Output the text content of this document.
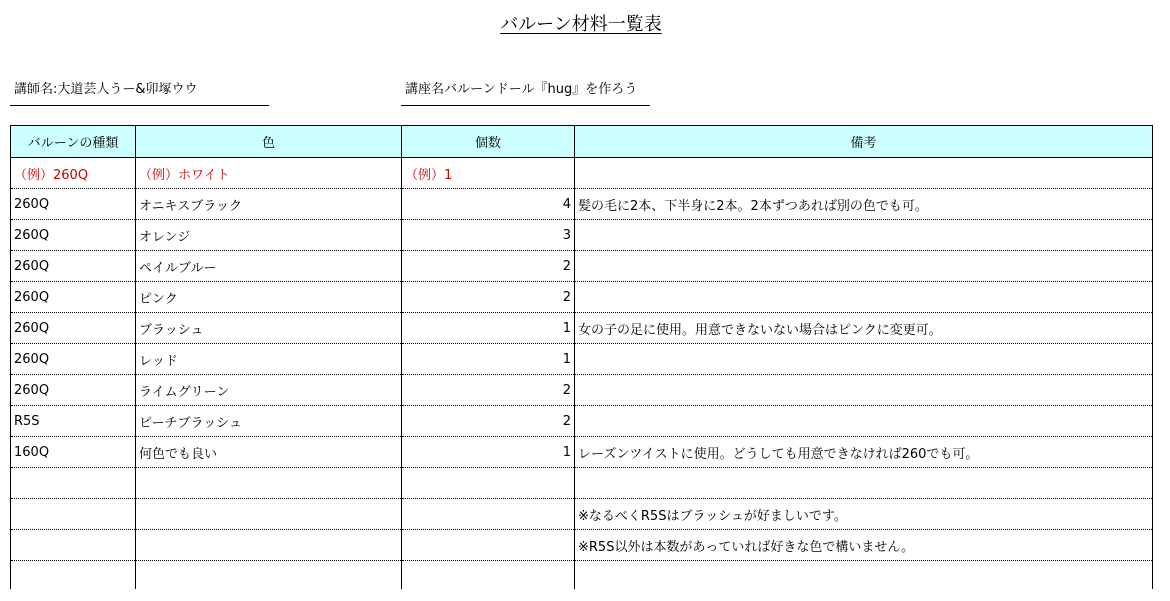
バルーン材料一覧表
講師名:大道芸人うー&卯塚ウウ	講座名バルーンドール『hug』を作ろう
バルーンの種類	色	個数	備考
（例）260Q	（例）ホワイト	（例）1	
260Q	オニキスブラック	4	髪の毛に2本、下半身に2本。2本ずつあれば別の色でも可。
260Q	オレンジ	3	
260Q	ペイルブルー	2	
260Q	ピンク	2	
260Q	ブラッシュ	1	女の子の足に使用。用意できないない場合はピンクに変更可。
260Q	レッド	1	
260Q	ライムグリーン	2	
R5S	ピーチブラッシュ	2	
160Q	何色でも良い	1	レーズンツイストに使用。どうしても用意できなければ260でも可。

			※なるべくR5Sはブラッシュが好ましいです。
			※R5S以外は本数があっていれば好きな色で構いません。
